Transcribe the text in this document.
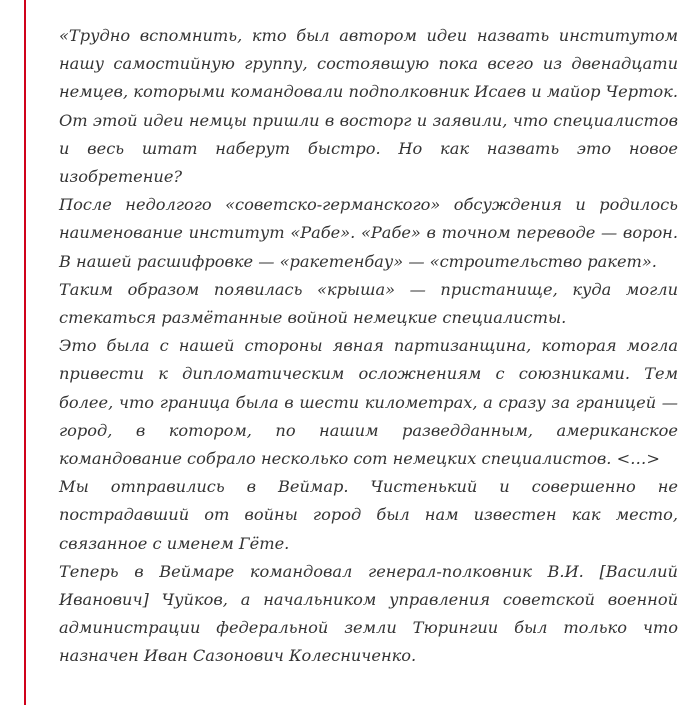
«Трудно вспомнить, кто был автором идеи назвать институтом нашу самостийную группу, состоявшую пока всего из двенадцати немцев, которыми командовали подполковник Исаев и майор Черток. От этой идеи немцы пришли в восторг и заявили, что специалистов и весь штат наберут быстро. Но как назвать это новое изобретение?

После недолгого «советско-германского» обсуждения и родилось наименование институт «Рабе». «Рабе» в точном переводе — ворон. В нашей расшифровке — «ракетенбау» — «строительство ракет».

Таким образом появилась «крыша» — пристанище, куда могли стекаться размётанные войной немецкие специалисты.

Это была с нашей стороны явная партизанщина, которая могла привести к дипломатическим осложнениям с союзниками. Тем более, что граница была в шести километрах, а сразу за границей — город, в котором, по нашим разведданным, американское командование собрало несколько сот немецких специалистов. <…>

Мы отправились в Веймар. Чистенький и совершенно не пострадавший от войны город был нам известен как место, связанное с именем Гёте.

Теперь в Веймаре командовал генерал-полковник В.И. [Василий Иванович] Чуйков, а начальником управления советской военной администрации федеральной земли Тюрингии был только что назначен Иван Сазонович Колесниченко.
